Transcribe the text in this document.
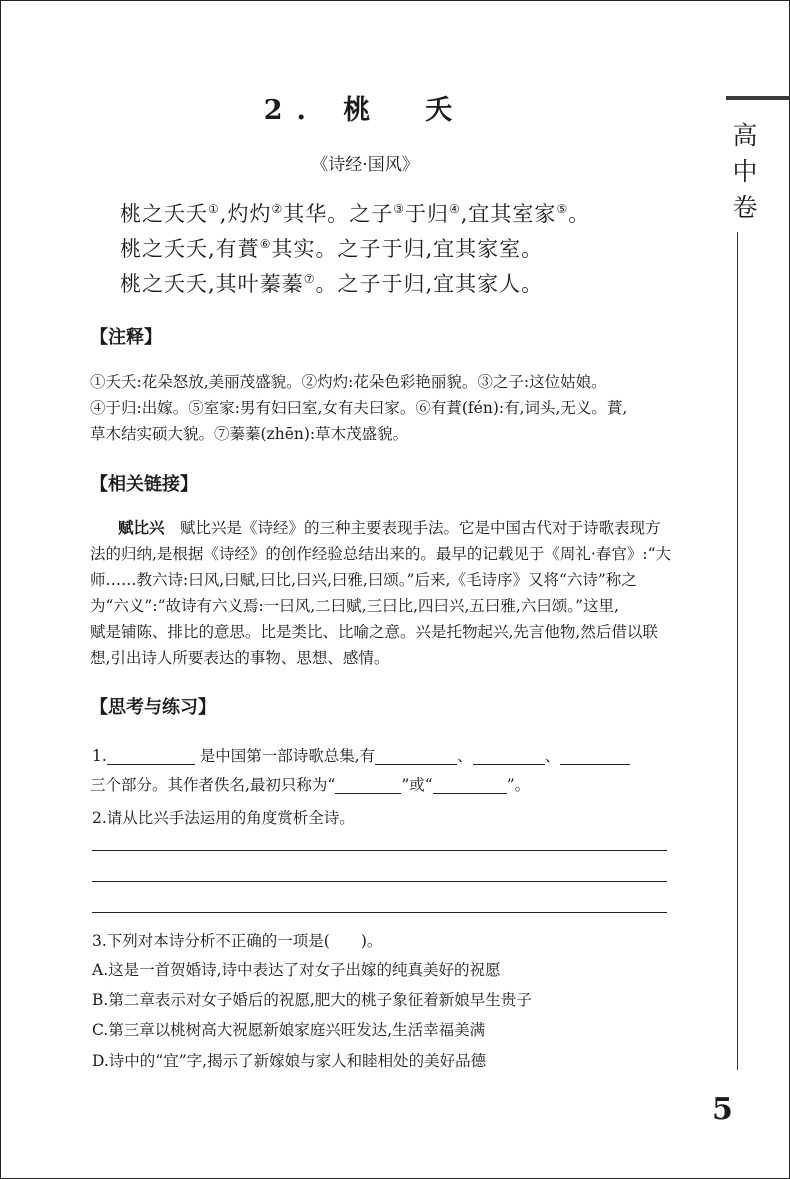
高中卷
2. 桃　夭
《诗经·国风》
桃之夭夭①,灼灼②其华。之子③于归④,宜其室家⑤。
桃之夭夭,有蕡⑥其实。之子于归,宜其家室。
桃之夭夭,其叶蓁蓁⑦。之子于归,宜其家人。
【注释】
①夭夭:花朵怒放,美丽茂盛貌。②灼灼:花朵色彩艳丽貌。③之子:这位姑娘。
④于归:出嫁。⑤室家:男有妇曰室,女有夫曰家。⑥有蕡(fén):有,词头,无义。蕡,
草木结实硕大貌。⑦蓁蓁(zhēn):草木茂盛貌。
【相关链接】
赋比兴　 赋比兴是《诗经》的三种主要表现手法。它是中国古代对于诗歌表现方
法的归纳,是根据《诗经》的创作经验总结出来的。最早的记载见于《周礼·春官》:“大
师……教六诗:曰风,曰赋,曰比,曰兴,曰雅,曰颂。”后来,《毛诗序》又将“六诗”称之
为“六义”:“故诗有六义焉:一曰风,二曰赋,三曰比,四曰兴,五曰雅,六曰颂。”这里,
赋是铺陈、排比的意思。比是类比、比喻之意。兴是托物起兴,先言他物,然后借以联
想,引出诗人所要表达的事物、思想、感情。
【思考与练习】
1.	是中国第一部诗歌总集,有	、	、
三个部分。其作者佚名,最初只称为“	”或“	”。
2.请从比兴手法运用的角度赏析全诗。
3.下列对本诗分析不正确的一项是(　　)。
A.这是一首贺婚诗,诗中表达了对女子出嫁的纯真美好的祝愿
B.第二章表示对女子婚后的祝愿,肥大的桃子象征着新娘早生贵子
C.第三章以桃树高大祝愿新娘家庭兴旺发达,生活幸福美满
D.诗中的“宜”字,揭示了新嫁娘与家人和睦相处的美好品德
5
